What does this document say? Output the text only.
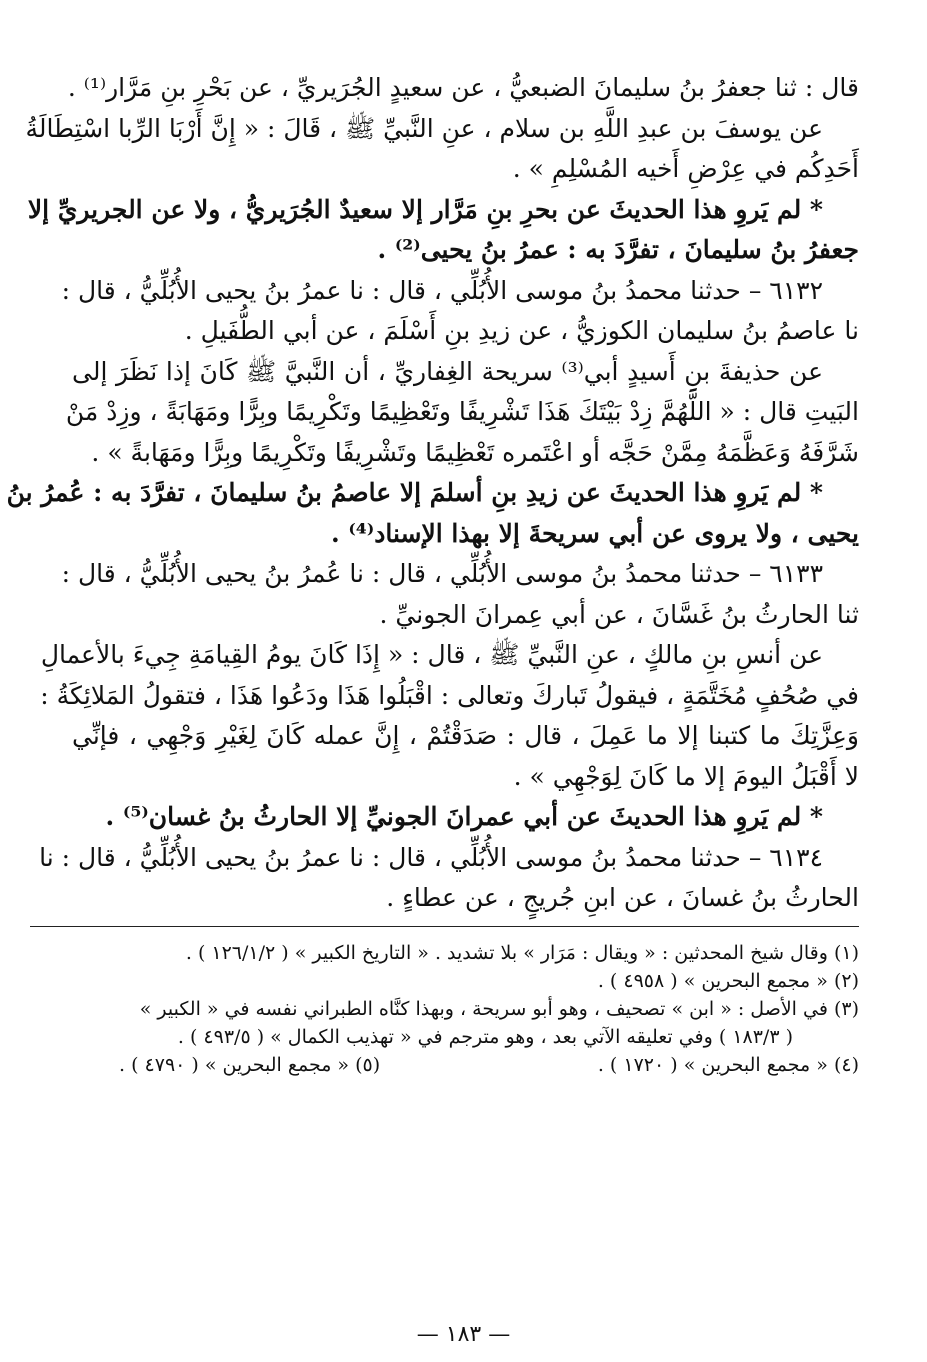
قال : ثنا جعفرُ بنُ سليمانَ الضبعيُّ ، عن سعيدٍ الجُرَيريِّ ، عن بَحْرِ بنِ مَرَّار⁽¹⁾ .
عن يوسفَ بن عبدِ اللَّهِ بن سلام ، عنِ النَّبيِّ ﷺ ، قَالَ : « إِنَّ أَرْبَا الرِّبا اسْتِطَالَةُ
أَحَدِكُم في عِرْضِ أَخيه المُسْلِمِ » .
* لم يَروِ هذا الحديثَ عن بحرِ بنِ مَرَّار إلا سعيدٌ الجُرَيريُّ ، ولا عن الجريريِّ إلا
جعفرُ بنُ سليمانَ ، تفرَّدَ به : عمرُ بنُ يحيى⁽²⁾ .
٦١٣٢ – حدثنا محمدُ بنُ موسى الأُبُلِّي ، قال : نا عمرُ بنُ يحيى الأُبُلِّيُّ ، قال :
نا عاصمُ بنُ سليمان الكوزيُّ ، عن زيدِ بنِ أَسْلَمَ ، عن أبي الطُّفَيلِ .
عن حذيفةَ بنِ أَسيدٍ أبي⁽³⁾ سريحة الغِفاريِّ ، أن النَّبيَّ ﷺ كَانَ إذا نَظَرَ إلى
البَيتِ قال : « اللَّهُمَّ زِدْ بَيْتَكَ هَذَا تَشْرِيفًا وتَعْظِيمًا وتَكْرِيمًا وبِرًّا ومَهَابَةً ، وزِدْ مَنْ
شَرَّفَهُ وَعَظَّمَهُ مِمَّنْ حَجَّه أو اعْتَمره تَعْظِيمًا وتَشْرِيفًا وتَكْرِيمًا وبِرًّا ومَهَابةً » .
* لم يَروِ هذا الحديثَ عن زيدِ بنِ أسلمَ إلا عاصمُ بنُ سليمانَ ، تفرَّدَ به : عُمرُ بنُ
يحيى ، ولا يروى عن أبي سريحةَ إلا بهذا الإسناد⁽⁴⁾ .
٦١٣٣ – حدثنا محمدُ بنُ موسى الأُبُلِّي ، قال : نا عُمرُ بنُ يحيى الأُبُلِّيُّ ، قال :
ثنا الحارثُ بنُ غَسَّانَ ، عن أبي عِمرانَ الجونيِّ .
عن أنسِ بنِ مالكٍ ، عنِ النَّبيِّ ﷺ ، قال : « إِذَا كَانَ يومُ القِيامَةِ جِيءَ بالأعمالِ
في صُحُفٍ مُخَتَّمَةٍ ، فيقولُ تَباركَ وتعالى : اقْبَلُوا هَذَا ودَعُوا هَذَا ، فتقولُ المَلائِكَةُ :
وَعِزَّتِكَ ما كتبنا إلا ما عَمِلَ ، قال : صَدَقْتُمْ ، إِنَّ عمله كَانَ لِغَيْرِ وَجْهِي ، فإنِّي
لا أَقْبَلُ اليومَ إلا ما كَانَ لِوَجْهِي » .
* لم يَروِ هذا الحديثَ عن أبي عمرانَ الجونيِّ إلا الحارثُ بنُ غسان⁽⁵⁾ .
٦١٣٤ – حدثنا محمدُ بنُ موسى الأُبُلِّي ، قال : نا عمرُ بنُ يحيى الأُبُلِّيُّ ، قال : نا
الحارثُ بنُ غسانَ ، عن ابنِ جُريجٍ ، عن عطاءٍ .
(١) وقال شيخ المحدثين : « ويقال : مَرَار » بلا تشديد . « التاريخ الكبير » ( ١٢٦/١/٢ ) .
(٢) « مجمع البحرين » ( ٤٩٥٨ ) .
(٣) في الأصل : « ابن » تصحيف ، وهو أبو سريحة ، وبهذا كنَّاه الطبراني نفسه في « الكبير »
( ١٨٣/٣ ) وفي تعليقه الآتي بعد ، وهو مترجم في « تهذيب الكمال » ( ٤٩٣/٥ ) .
(٤) « مجمع البحرين » ( ١٧٢٠ ) .
(٥) « مجمع البحرين » ( ٤٧٩٠ ) .
— ١٨٣ —
